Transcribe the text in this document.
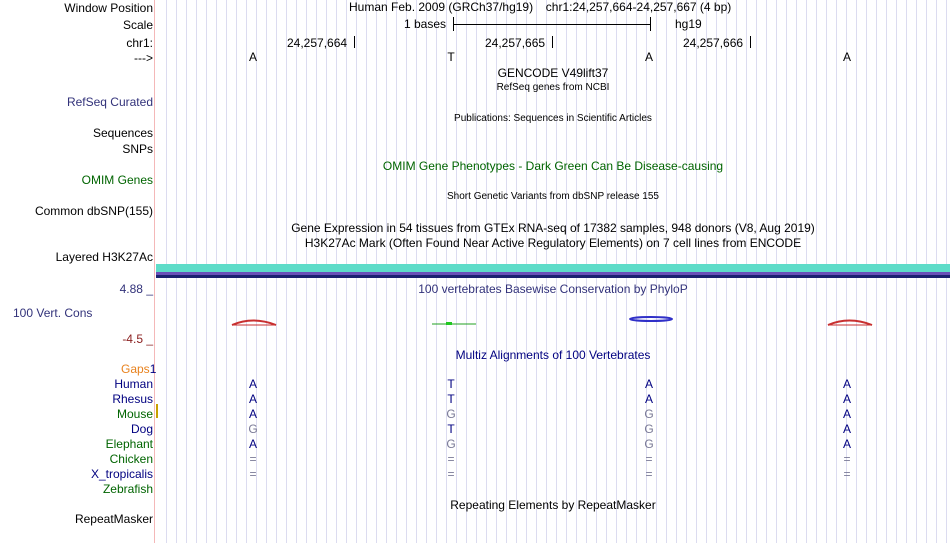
Window Position
Scale
chr1:
--->
RefSeq Curated
Sequences
SNPs
OMIM Genes
Common dbSNP(155)
Layered H3K27Ac
4.88 _
100 Vert. Cons
-4.5 _
Gaps1
RepeatMasker
Human Feb. 2009 (GRCh37/hg19) chr1:24,257,664-24,257,667 (4 bp)
1 bases	hg19
24,257,664	24,257,665	24,257,666
A	T	A	A
GENCODE V49lift37
RefSeq genes from NCBI
Publications: Sequences in Scientific Articles
OMIM Gene Phenotypes - Dark Green Can Be Disease-causing
Short Genetic Variants from dbSNP release 155
Gene Expression in 54 tissues from GTEx RNA-seq of 17382 samples, 948 donors (V8, Aug 2019)
H3K27Ac Mark (Often Found Near Active Regulatory Elements) on 7 cell lines from ENCODE
100 vertebrates Basewise Conservation by PhyloP
Multiz Alignments of 100 Vertebrates
Human	A	T	A	A
Rhesus	A	T	A	A
Mouse	A	G	G	A
Dog	G	T	G	A
Elephant	A	G	G	A
Chicken	=	=	=	=
X_tropicalis	=	=	=	=
Zebrafish
Repeating Elements by RepeatMasker
